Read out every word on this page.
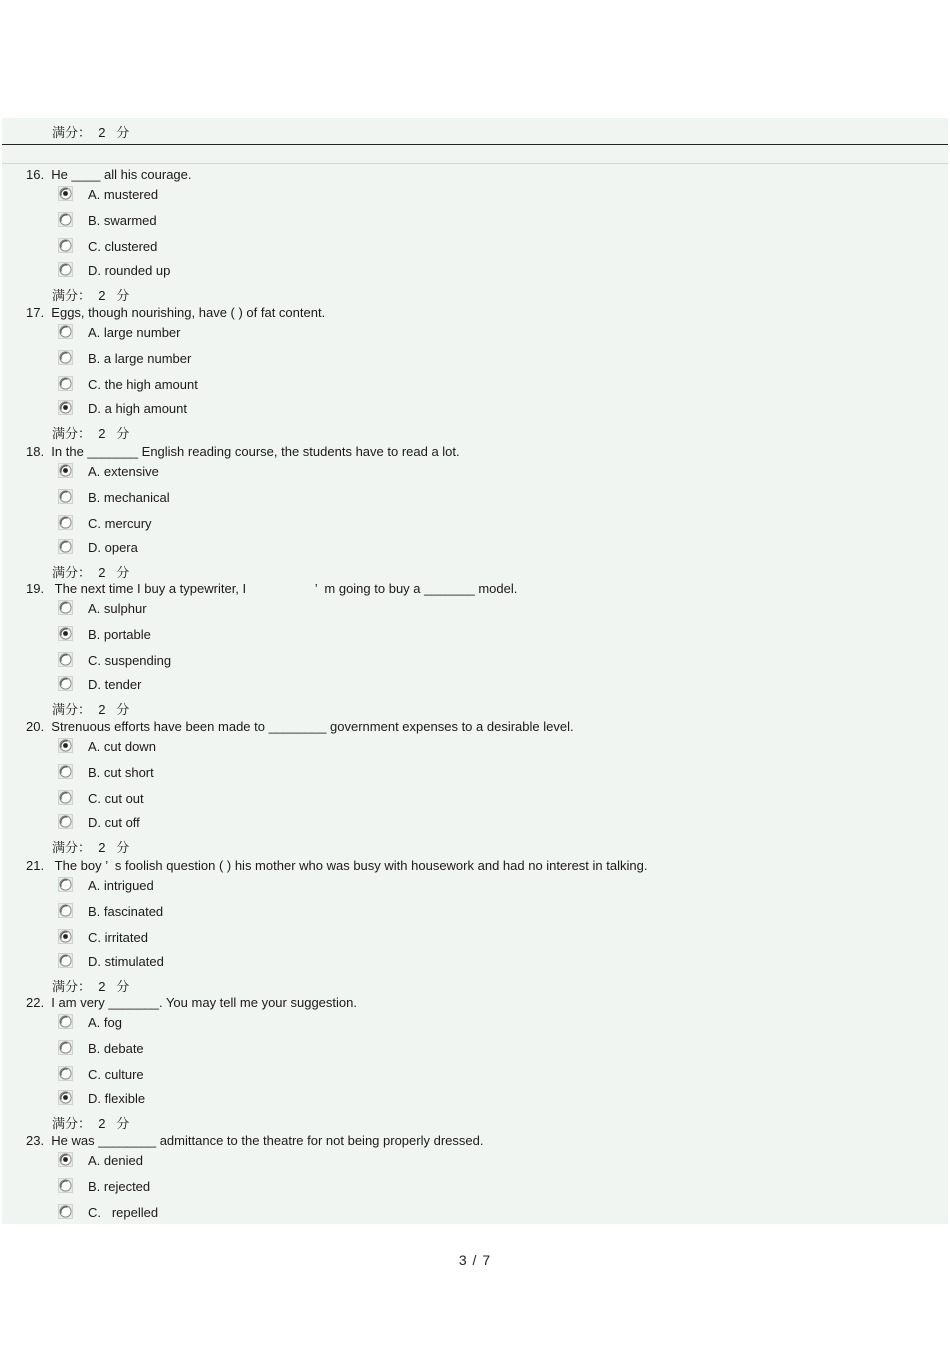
满分：  2   分
16.  He ____ all his courage.
A. mustered
B. swarmed
C. clustered
D. rounded up
满分：  2   分
17.  Eggs, though nourishing, have ( ) of fat content.
A. large number
B. a large number
C. the high amount
D. a high amount
满分：  2   分
18.  In the _______ English reading course, the students have to read a lot.
A. extensive
B. mechanical
C. mercury
D. opera
满分：  2   分
19.   The next time I buy a typewriter, I                   ’  m going to buy a _______ model.
A. sulphur
B. portable
C. suspending
D. tender
满分：  2   分
20.  Strenuous efforts have been made to ________ government expenses to a desirable level.
A. cut down
B. cut short
C. cut out
D. cut off
满分：  2   分
21.   The boy ’  s foolish question ( ) his mother who was busy with housework and had no interest in talking.
A. intrigued
B. fascinated
C. irritated
D. stimulated
满分：  2   分
22.  I am very _______. You may tell me your suggestion.
A. fog
B. debate
C. culture
D. flexible
满分：  2   分
23.  He was ________ admittance to the theatre for not being properly dressed.
A. denied
B. rejected
C.   repelled
3 / 7
